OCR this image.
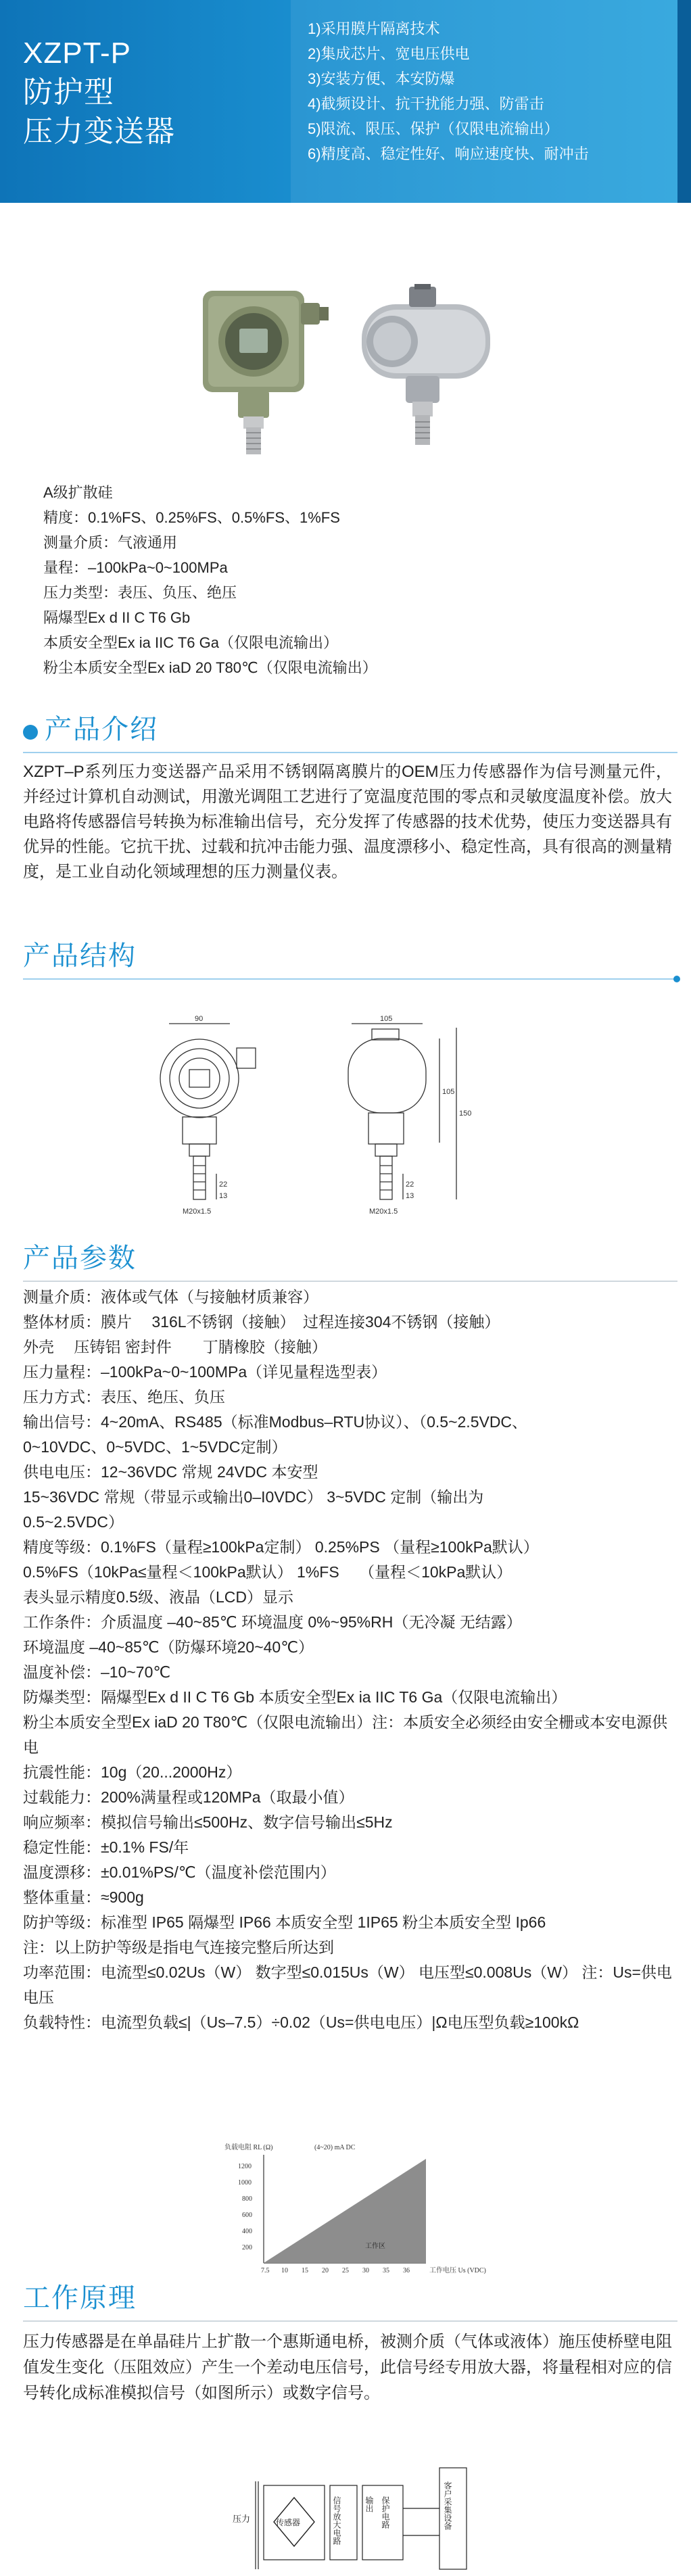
XZPT-P
防护型
压力变送器
1)采用膜片隔离技术
2)集成芯片、宽电压供电
3)安装方便、本安防爆
4)截频设计、抗干扰能力强、防雷击
5)限流、限压、保护（仅限电流输出）
6)精度高、稳定性好、响应速度快、耐冲击
A级扩散硅
精度：0.1%FS、0.25%FS、0.5%FS、1%FS
测量介质：气液通用
量程：–100kPa~0~100MPa
压力类型：表压、负压、绝压
隔爆型Ex d II C T6 Gb
本质安全型Ex ia IIC T6 Ga（仅限电流输出）
粉尘本质安全型Ex iaD 20 T80℃（仅限电流输出）
产品介绍

XZPT–P系列压力变送器产品采用不锈钢隔离膜片的OEM压力传感器作为信号测量元件，并经过计算机自动测试，用激光调阻工艺进行了宽温度范围的零点和灵敏度温度补偿。放大电路将传感器信号转换为标准输出信号，充分发挥了传感器的技术优势，使压力变送器具有优异的性能。它抗干扰、过载和抗冲击能力强、温度漂移小、稳定性高，具有很高的测量精度，是工业自动化领域理想的压力测量仪表。

产品结构
90
22
13
M20x1.5
105
105
150
22
13
M20x1.5
产品参数
测量介质：液体或气体（与接触材质兼容）
整体材质：膜片　 316L不锈钢（接触）　过程连接304不锈钢（接触）
外壳　 压铸铝 密封件　　丁腈橡胶（接触）
压力量程：–100kPa~0~100MPa（详见量程选型表）
压力方式：表压、绝压、负压
输出信号：4~20mA、RS485（标准Modbus–RTU协议）、（0.5~2.5VDC、
0~10VDC、0~5VDC、1~5VDC定制）
供电电压：12~36VDC 常规 24VDC 本安型
15~36VDC 常规（带显示或输出0–I0VDC） 3~5VDC 定制（输出为
0.5~2.5VDC）
精度等级：0.1%FS（量程≥100kPa定制） 0.25%PS （量程≥100kPa默认）
0.5%FS（10kPa≤量程＜100kPa默认） 1%FS　 （量程＜10kPa默认）
表头显示精度0.5级、液晶（LCD）显示
工作条件：介质温度 –40~85℃ 环境温度 0%~95%RH（无冷凝 无结露）
环境温度 –40~85℃（防爆环境20~40℃）
温度补偿：–10~70℃
防爆类型：隔爆型Ex d II C T6 Gb 本质安全型Ex ia IIC T6 Ga（仅限电流输出）
粉尘本质安全型Ex iaD 20 T80℃（仅限电流输出）注：本质安全必须经由安全栅或本安电源供电
抗震性能：10g（20...2000Hz）
过载能力：200%满量程或120MPa（取最小值）
响应频率：模拟信号输出≤500Hz、数字信号输出≤5Hz
稳定性能：±0.1% FS/年
温度漂移：±0.01%PS/℃（温度补偿范围内）
整体重量：≈900g
防护等级：标准型 IP65 隔爆型 IP66 本质安全型 1IP65 粉尘本质安全型 Ip66
注：以上防护等级是指电气连接完整后所达到
功率范围：电流型≤0.02Us（W） 数字型≤0.015Us（W） 电压型≤0.008Us（W） 注：Us=供电电压
负载特性：电流型负载≤|（Us–7.5）÷0.02（Us=供电电压）|Ω电压型负载≥100kΩ
负载电阻 RL (Ω)	(4~20) mA DC
工作区
1200
1000
800
600
400
200
7.5 10 15 20 25 30 35 36	工作电压 Us (VDC)
工作原理

压力传感器是在单晶硅片上扩散一个惠斯通电桥，被测介质（气体或液体）施压使桥壁电阻值发生变化（压阻效应）产生一个差动电压信号，此信号经专用放大器，将量程相对应的信号转化成标准模拟信号（如图所示）或数字信号。

压力	传感器	信号放大电路	输出 保护电路	客户采集设备
